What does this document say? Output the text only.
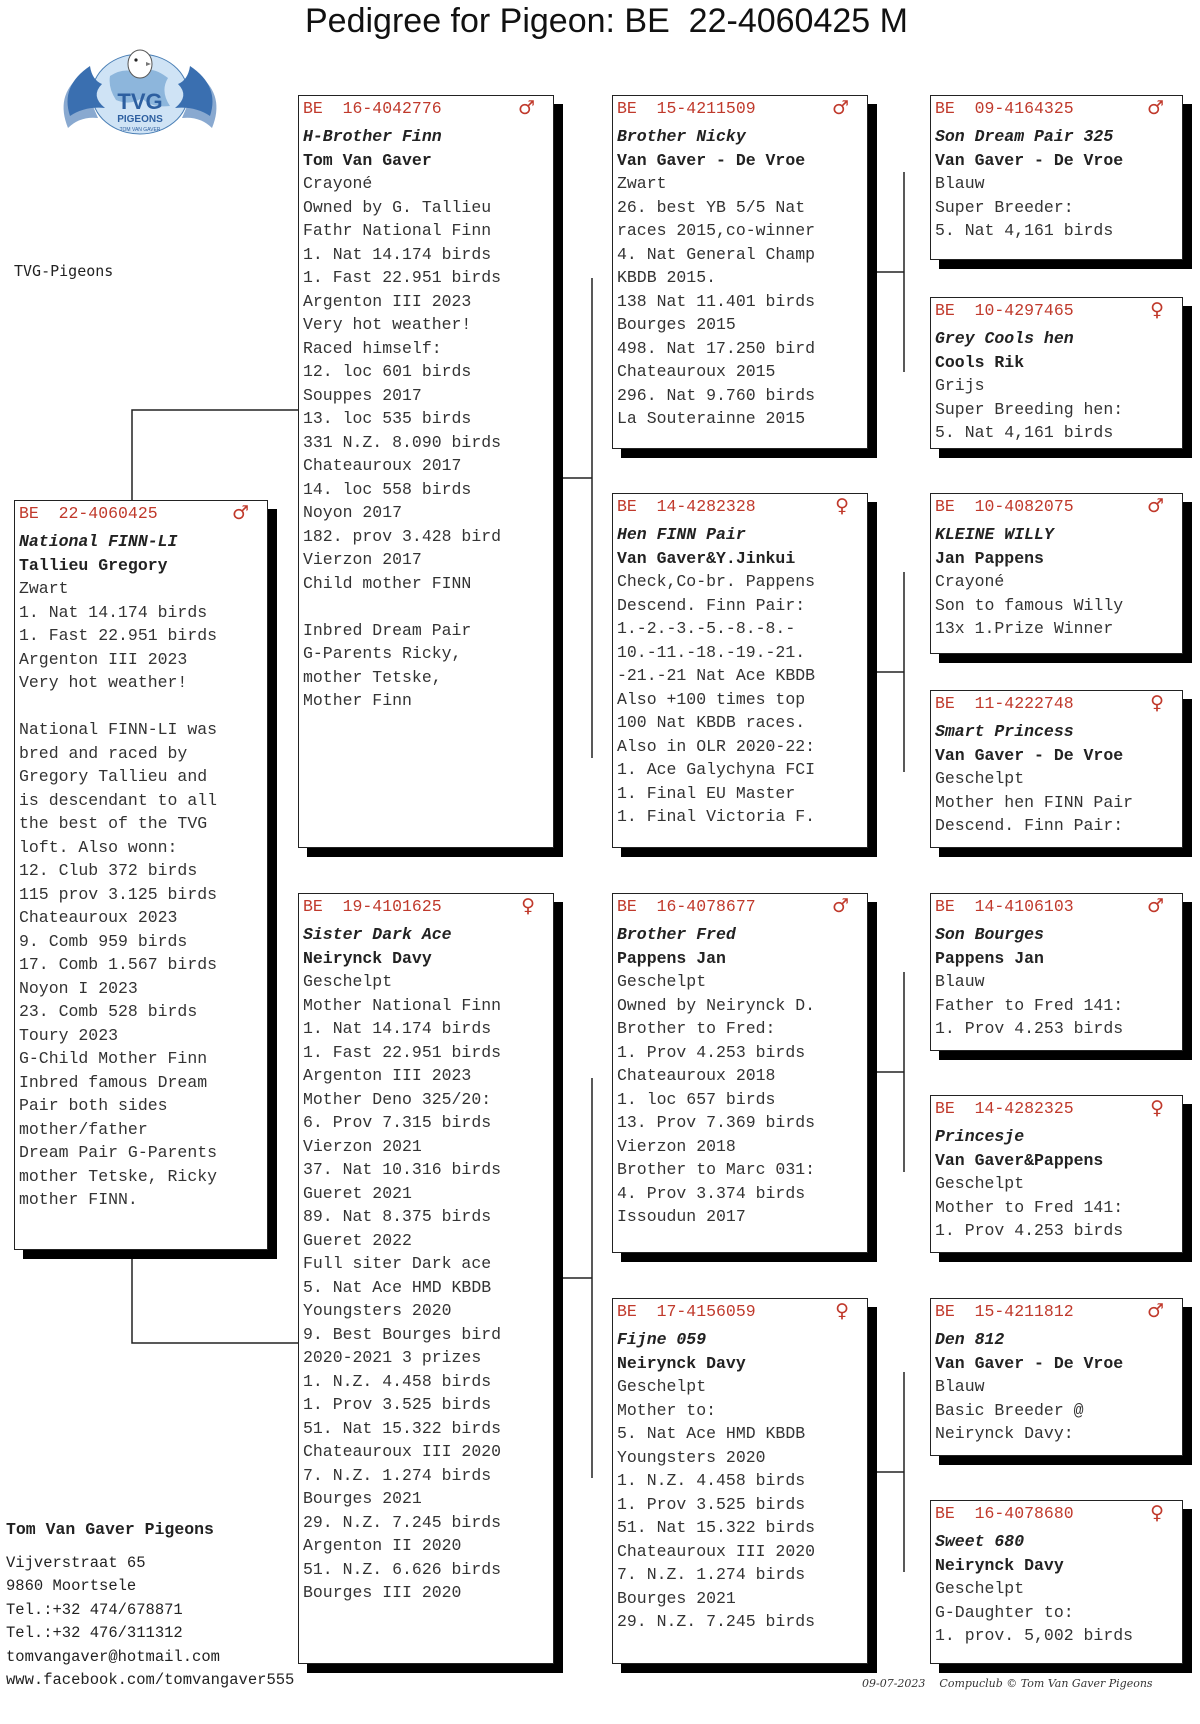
Pedigree for Pigeon: BE  22-4060425 M
TVG
PIGEONS
TOM VAN GAVER
TVG-Pigeons
BE  22-4060425	♂
National FINN-LI
Tallieu Gregory
Zwart
1. Nat 14.174 birds
1. Fast 22.951 birds
Argenton III 2023
Very hot weather!
National FINN-LI was
bred and raced by
Gregory Tallieu and
is descendant to all
the best of the TVG
loft. Also wonn:
12. Club 372 birds
115 prov 3.125 birds
Chateauroux 2023
9. Comb 959 birds
17. Comb 1.567 birds
Noyon I 2023
23. Comb 528 birds
Toury 2023
G-Child Mother Finn
Inbred famous Dream
Pair both sides
mother/father
Dream Pair G-Parents
mother Tetske, Ricky
mother FINN.
BE  16-4042776	♂
H-Brother Finn
Tom Van Gaver
Crayoné
Owned by G. Tallieu
Fathr National Finn
1. Nat 14.174 birds
1. Fast 22.951 birds
Argenton III 2023
Very hot weather!
Raced himself:
12. loc 601 birds
Souppes 2017
13. loc 535 birds
331 N.Z. 8.090 birds
Chateauroux 2017
14. loc 558 birds
Noyon 2017
182. prov 3.428 bird
Vierzon 2017
Child mother FINN
Inbred Dream Pair
G-Parents Ricky,
mother Tetske,
Mother Finn
BE  19-4101625	♀
Sister Dark Ace
Neirynck Davy
Geschelpt
Mother National Finn
1. Nat 14.174 birds
1. Fast 22.951 birds
Argenton III 2023
Mother Deno 325/20:
6. Prov 7.315 birds
Vierzon 2021
37. Nat 10.316 birds
Gueret 2021
89. Nat 8.375 birds
Gueret 2022
Full siter Dark ace
5. Nat Ace HMD KBDB
Youngsters 2020
9. Best Bourges bird
2020-2021 3 prizes
1. N.Z. 4.458 birds
1. Prov 3.525 birds
51. Nat 15.322 birds
Chateauroux III 2020
7. N.Z. 1.274 birds
Bourges 2021
29. N.Z. 7.245 birds
Argenton II 2020
51. N.Z. 6.626 birds
Bourges III 2020
BE  15-4211509	♂
Brother Nicky
Van Gaver - De Vroe
Zwart
26. best YB 5/5 Nat
races 2015,co-winner
4. Nat General Champ
KBDB 2015.
138 Nat 11.401 birds
Bourges 2015
498. Nat 17.250 bird
Chateauroux 2015
296. Nat 9.760 birds
La Souterainne 2015
BE  14-4282328	♀
Hen FINN Pair
Van Gaver&Y.Jinkui
Check,Co-br. Pappens
Descend. Finn Pair:
1.-2.-3.-5.-8.-8.-
10.-11.-18.-19.-21.
-21.-21 Nat Ace KBDB
Also +100 times top
100 Nat KBDB races.
Also in OLR 2020-22:
1. Ace Galychyna FCI
1. Final EU Master
1. Final Victoria F.
BE  16-4078677	♂
Brother Fred
Pappens Jan
Geschelpt
Owned by Neirynck D.
Brother to Fred:
1. Prov 4.253 birds
Chateauroux 2018
1. loc 657 birds
13. Prov 7.369 birds
Vierzon 2018
Brother to Marc 031:
4. Prov 3.374 birds
Issoudun 2017
BE  17-4156059	♀
Fijne 059
Neirynck Davy
Geschelpt
Mother to:
5. Nat Ace HMD KBDB
Youngsters 2020
1. N.Z. 4.458 birds
1. Prov 3.525 birds
51. Nat 15.322 birds
Chateauroux III 2020
7. N.Z. 1.274 birds
Bourges 2021
29. N.Z. 7.245 birds
BE  09-4164325	♂
Son Dream Pair 325
Van Gaver - De Vroe
Blauw
Super Breeder:
5. Nat 4,161 birds
BE  10-4297465	♀
Grey Cools hen
Cools Rik
Grijs
Super Breeding hen:
5. Nat 4,161 birds
BE  10-4082075	♂
KLEINE WILLY
Jan Pappens
Crayoné
Son to famous Willy
13x 1.Prize Winner
BE  11-4222748	♀
Smart Princess
Van Gaver - De Vroe
Geschelpt
Mother hen FINN Pair
Descend. Finn Pair:
BE  14-4106103	♂
Son Bourges
Pappens Jan
Blauw
Father to Fred 141:
1. Prov 4.253 birds
BE  14-4282325	♀
Princesje
Van Gaver&Pappens
Geschelpt
Mother to Fred 141:
1. Prov 4.253 birds
BE  15-4211812	♂
Den 812
Van Gaver - De Vroe
Blauw
Basic Breeder @
Neirynck Davy:
BE  16-4078680	♀
Sweet 680
Neirynck Davy
Geschelpt
G-Daughter to:
1. prov. 5,002 birds
Tom Van Gaver Pigeons
Vijverstraat 65
9860 Moortsele
Tel.:+32 474/678871
Tel.:+32 476/311312
tomvangaver@hotmail.com
www.facebook.com/tomvangaver555	09-07-2023    Compuclub © Tom Van Gaver Pigeons
